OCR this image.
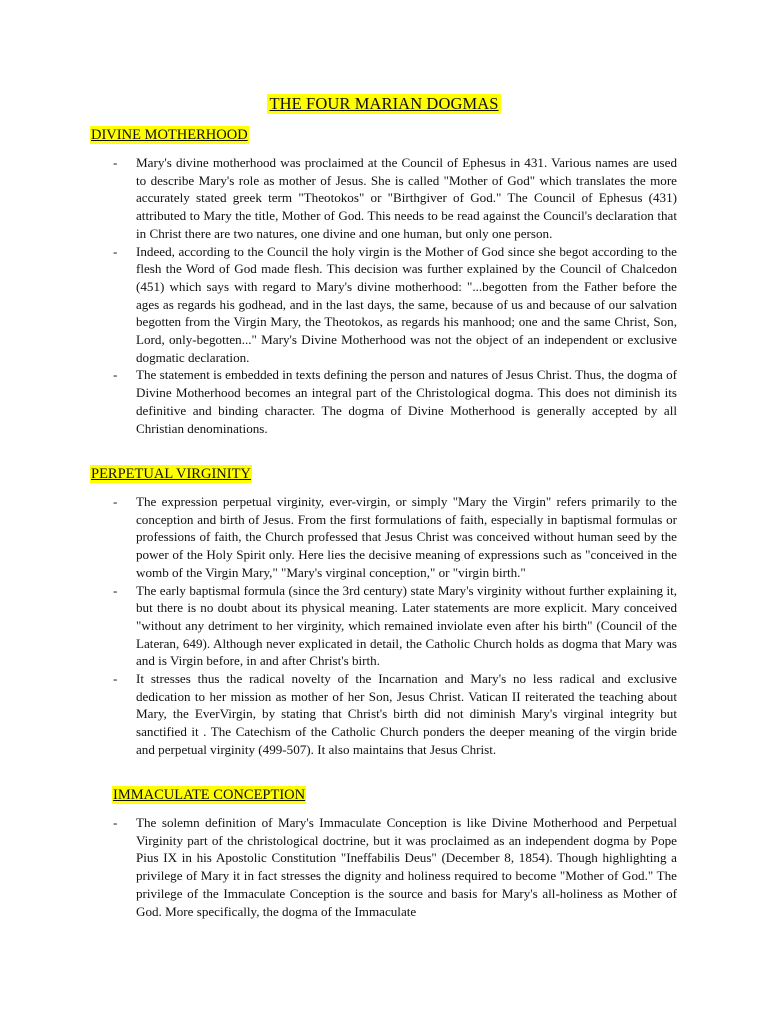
THE FOUR MARIAN DOGMAS
DIVINE MOTHERHOOD
- Mary's divine motherhood was proclaimed at the Council of Ephesus in 431. Various names are used to describe Mary's role as mother of Jesus. She is called "Mother of God" which translates the more accurately stated greek term "Theotokos" or "Birthgiver of God." The Council of Ephesus (431) attributed to Mary the title, Mother of God. This needs to be read against the Council's declaration that in Christ there are two natures, one divine and one human, but only one person.
- Indeed, according to the Council the holy virgin is the Mother of God since she begot according to the flesh the Word of God made flesh. This decision was further explained by the Council of Chalcedon (451) which says with regard to Mary's divine motherhood: "...begotten from the Father before the ages as regards his godhead, and in the last days, the same, because of us and because of our salvation begotten from the Virgin Mary, the Theotokos, as regards his manhood; one and the same Christ, Son, Lord, only-begotten..." Mary's Divine Motherhood was not the object of an independent or exclusive dogmatic declaration.
- The statement is embedded in texts defining the person and natures of Jesus Christ. Thus, the dogma of Divine Motherhood becomes an integral part of the Christological dogma. This does not diminish its definitive and binding character. The dogma of Divine Motherhood is generally accepted by all Christian denominations.
PERPETUAL VIRGINITY
- The expression perpetual virginity, ever-virgin, or simply "Mary the Virgin" refers primarily to the conception and birth of Jesus. From the first formulations of faith, especially in baptismal formulas or professions of faith, the Church professed that Jesus Christ was conceived without human seed by the power of the Holy Spirit only. Here lies the decisive meaning of expressions such as "conceived in the womb of the Virgin Mary," "Mary's virginal conception," or "virgin birth."
- The early baptismal formula (since the 3rd century) state Mary's virginity without further explaining it, but there is no doubt about its physical meaning. Later statements are more explicit. Mary conceived "without any detriment to her virginity, which remained inviolate even after his birth" (Council of the Lateran, 649). Although never explicated in detail, the Catholic Church holds as dogma that Mary was and is Virgin before, in and after Christ's birth.
- It stresses thus the radical novelty of the Incarnation and Mary's no less radical and exclusive dedication to her mission as mother of her Son, Jesus Christ. Vatican II reiterated the teaching about Mary, the EverVirgin, by stating that Christ's birth did not diminish Mary's virginal integrity but sanctified it . The Catechism of the Catholic Church ponders the deeper meaning of the virgin bride and perpetual virginity (499-507). It also maintains that Jesus Christ.
IMMACULATE CONCEPTION
- The solemn definition of Mary's Immaculate Conception is like Divine Motherhood and Perpetual Virginity part of the christological doctrine, but it was proclaimed as an independent dogma by Pope Pius IX in his Apostolic Constitution "Ineffabilis Deus" (December 8, 1854). Though highlighting a privilege of Mary it in fact stresses the dignity and holiness required to become "Mother of God." The privilege of the Immaculate Conception is the source and basis for Mary's all-holiness as Mother of God. More specifically, the dogma of the Immaculate
